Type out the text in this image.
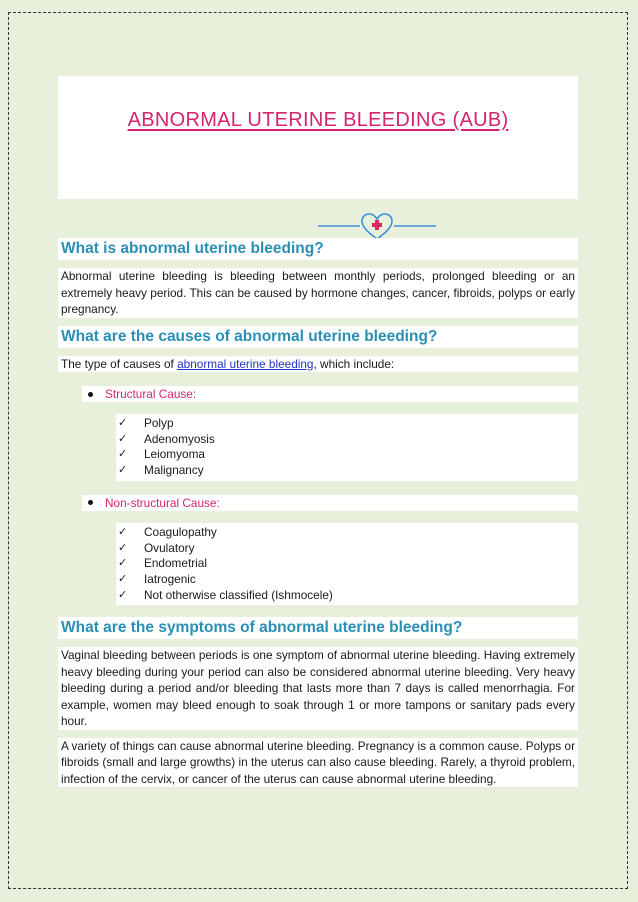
ABNORMAL UTERINE BLEEDING (AUB)
What is abnormal uterine bleeding?

Abnormal uterine bleeding is bleeding between monthly periods, prolonged bleeding or an extremely heavy period. This can be caused by hormone changes, cancer, fibroids, polyps or early pregnancy.

What are the causes of abnormal uterine bleeding?

The type of causes of abnormal uterine bleeding, which include:

Structural Cause:
✓	Polyp
✓	Adenomyosis
✓	Leiomyoma
✓	Malignancy
Non-structural Cause:
✓	Coagulopathy
✓	Ovulatory
✓	Endometrial
✓	Iatrogenic
✓	Not otherwise classified (Ishmocele)
What are the symptoms of abnormal uterine bleeding?

Vaginal bleeding between periods is one symptom of abnormal uterine bleeding. Having extremely heavy bleeding during your period can also be considered abnormal uterine bleeding. Very heavy bleeding during a period and/or bleeding that lasts more than 7 days is called menorrhagia. For example, women may bleed enough to soak through 1 or more tampons or sanitary pads every hour.

A variety of things can cause abnormal uterine bleeding. Pregnancy is a common cause. Polyps or fibroids (small and large growths) in the uterus can also cause bleeding. Rarely, a thyroid problem, infection of the cervix, or cancer of the uterus can cause abnormal uterine bleeding.
